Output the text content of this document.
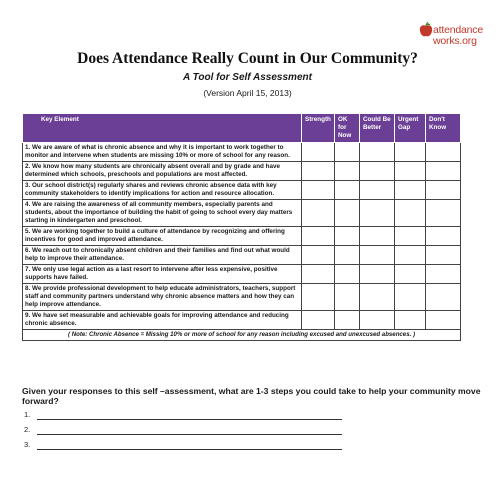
attendance
works.org
Does Attendance Really Count in Our Community?
A Tool for Self Assessment
(Version April 15, 2013)
Key Element	Strength	OK for Now	Could Be Better	Urgent Gap	Don't Know
1. We are aware of what is chronic absence and why it is important to work together to monitor and intervene when students are missing 10% or more of school for any reason.					
2. We know how many students are chronically absent overall and by grade and have determined which schools, preschools and populations are most affected.					
3. Our school district(s) regularly shares and reviews chronic absence data with key community stakeholders to identify implications for action and resource allocation.					
4. We are raising the awareness of all community members, especially parents and students, about the importance of building the habit of going to school every day matters starting in kindergarten and preschool.					
5. We are working together to build a culture of attendance by recognizing and offering incentives for good and improved attendance.					
6. We reach out to chronically absent children and their families and find out what would help to improve their attendance.					
7. We only use legal action as a last resort to intervene after less expensive, positive supports have failed.					
8. We provide professional development to help educate administrators, teachers, support staff and community partners understand why chronic absence matters and how they can help improve attendance.					
9. We have set measurable and achievable goals for improving attendance and reducing chronic absence.					
( Note: Chronic Absence = Missing 10% or more of school for any reason including excused and unexcused absences. )					
Given your responses to this self –assessment, what are 1-3 steps you could take to help your community move forward?
1.
2.
3.
